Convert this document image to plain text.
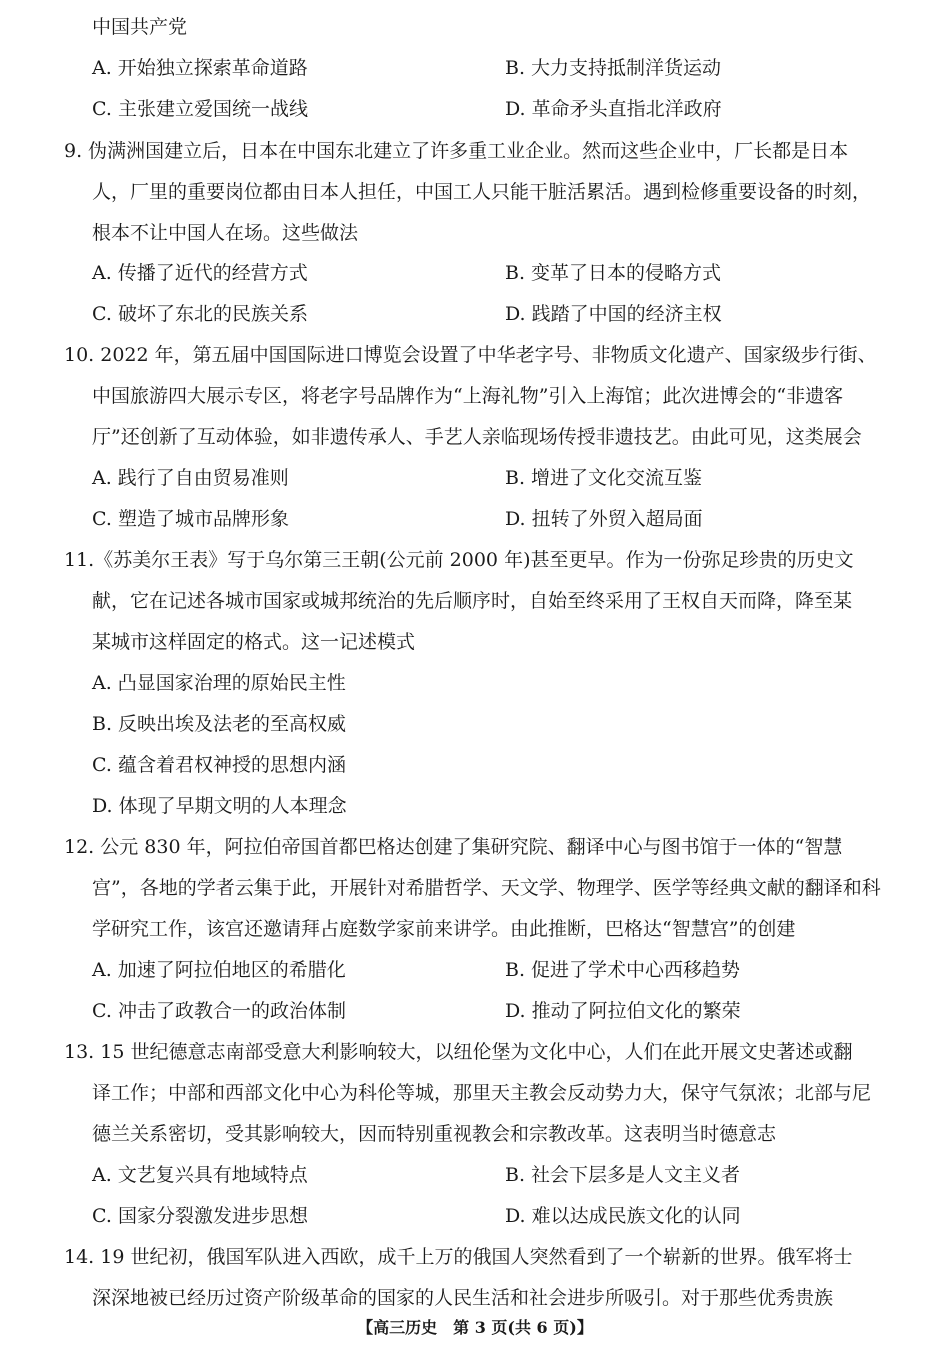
中国共产党
A. 开始独立探索革命道路	B. 大力支持抵制洋货运动
C. 主张建立爱国统一战线	D. 革命矛头直指北洋政府
9. 伪满洲国建立后，日本在中国东北建立了许多重工业企业。然而这些企业中，厂长都是日本
人，厂里的重要岗位都由日本人担任，中国工人只能干脏活累活。遇到检修重要设备的时刻，
根本不让中国人在场。这些做法
A. 传播了近代的经营方式	B. 变革了日本的侵略方式
C. 破坏了东北的民族关系	D. 践踏了中国的经济主权
10. 2022 年，第五届中国国际进口博览会设置了中华老字号、非物质文化遗产、国家级步行街、
中国旅游四大展示专区，将老字号品牌作为“上海礼物”引入上海馆；此次进博会的“非遗客
厅”还创新了互动体验，如非遗传承人、手艺人亲临现场传授非遗技艺。由此可见，这类展会
A. 践行了自由贸易准则	B. 增进了文化交流互鉴
C. 塑造了城市品牌形象	D. 扭转了外贸入超局面
11.《苏美尔王表》写于乌尔第三王朝(公元前 2000 年)甚至更早。作为一份弥足珍贵的历史文
献，它在记述各城市国家或城邦统治的先后顺序时，自始至终采用了王权自天而降，降至某
某城市这样固定的格式。这一记述模式
A. 凸显国家治理的原始民主性
B. 反映出埃及法老的至高权威
C. 蕴含着君权神授的思想内涵
D. 体现了早期文明的人本理念
12. 公元 830 年，阿拉伯帝国首都巴格达创建了集研究院、翻译中心与图书馆于一体的“智慧
宫”，各地的学者云集于此，开展针对希腊哲学、天文学、物理学、医学等经典文献的翻译和科
学研究工作，该宫还邀请拜占庭数学家前来讲学。由此推断，巴格达“智慧宫”的创建
A. 加速了阿拉伯地区的希腊化	B. 促进了学术中心西移趋势
C. 冲击了政教合一的政治体制	D. 推动了阿拉伯文化的繁荣
13. 15 世纪德意志南部受意大利影响较大，以纽伦堡为文化中心，人们在此开展文史著述或翻
译工作；中部和西部文化中心为科伦等城，那里天主教会反动势力大，保守气氛浓；北部与尼
德兰关系密切，受其影响较大，因而特别重视教会和宗教改革。这表明当时德意志
A. 文艺复兴具有地域特点	B. 社会下层多是人文主义者
C. 国家分裂激发进步思想	D. 难以达成民族文化的认同
14. 19 世纪初，俄国军队进入西欧，成千上万的俄国人突然看到了一个崭新的世界。俄军将士
深深地被已经历过资产阶级革命的国家的人民生活和社会进步所吸引。对于那些优秀贵族
【高三历史　第 3 页(共 6 页)】
